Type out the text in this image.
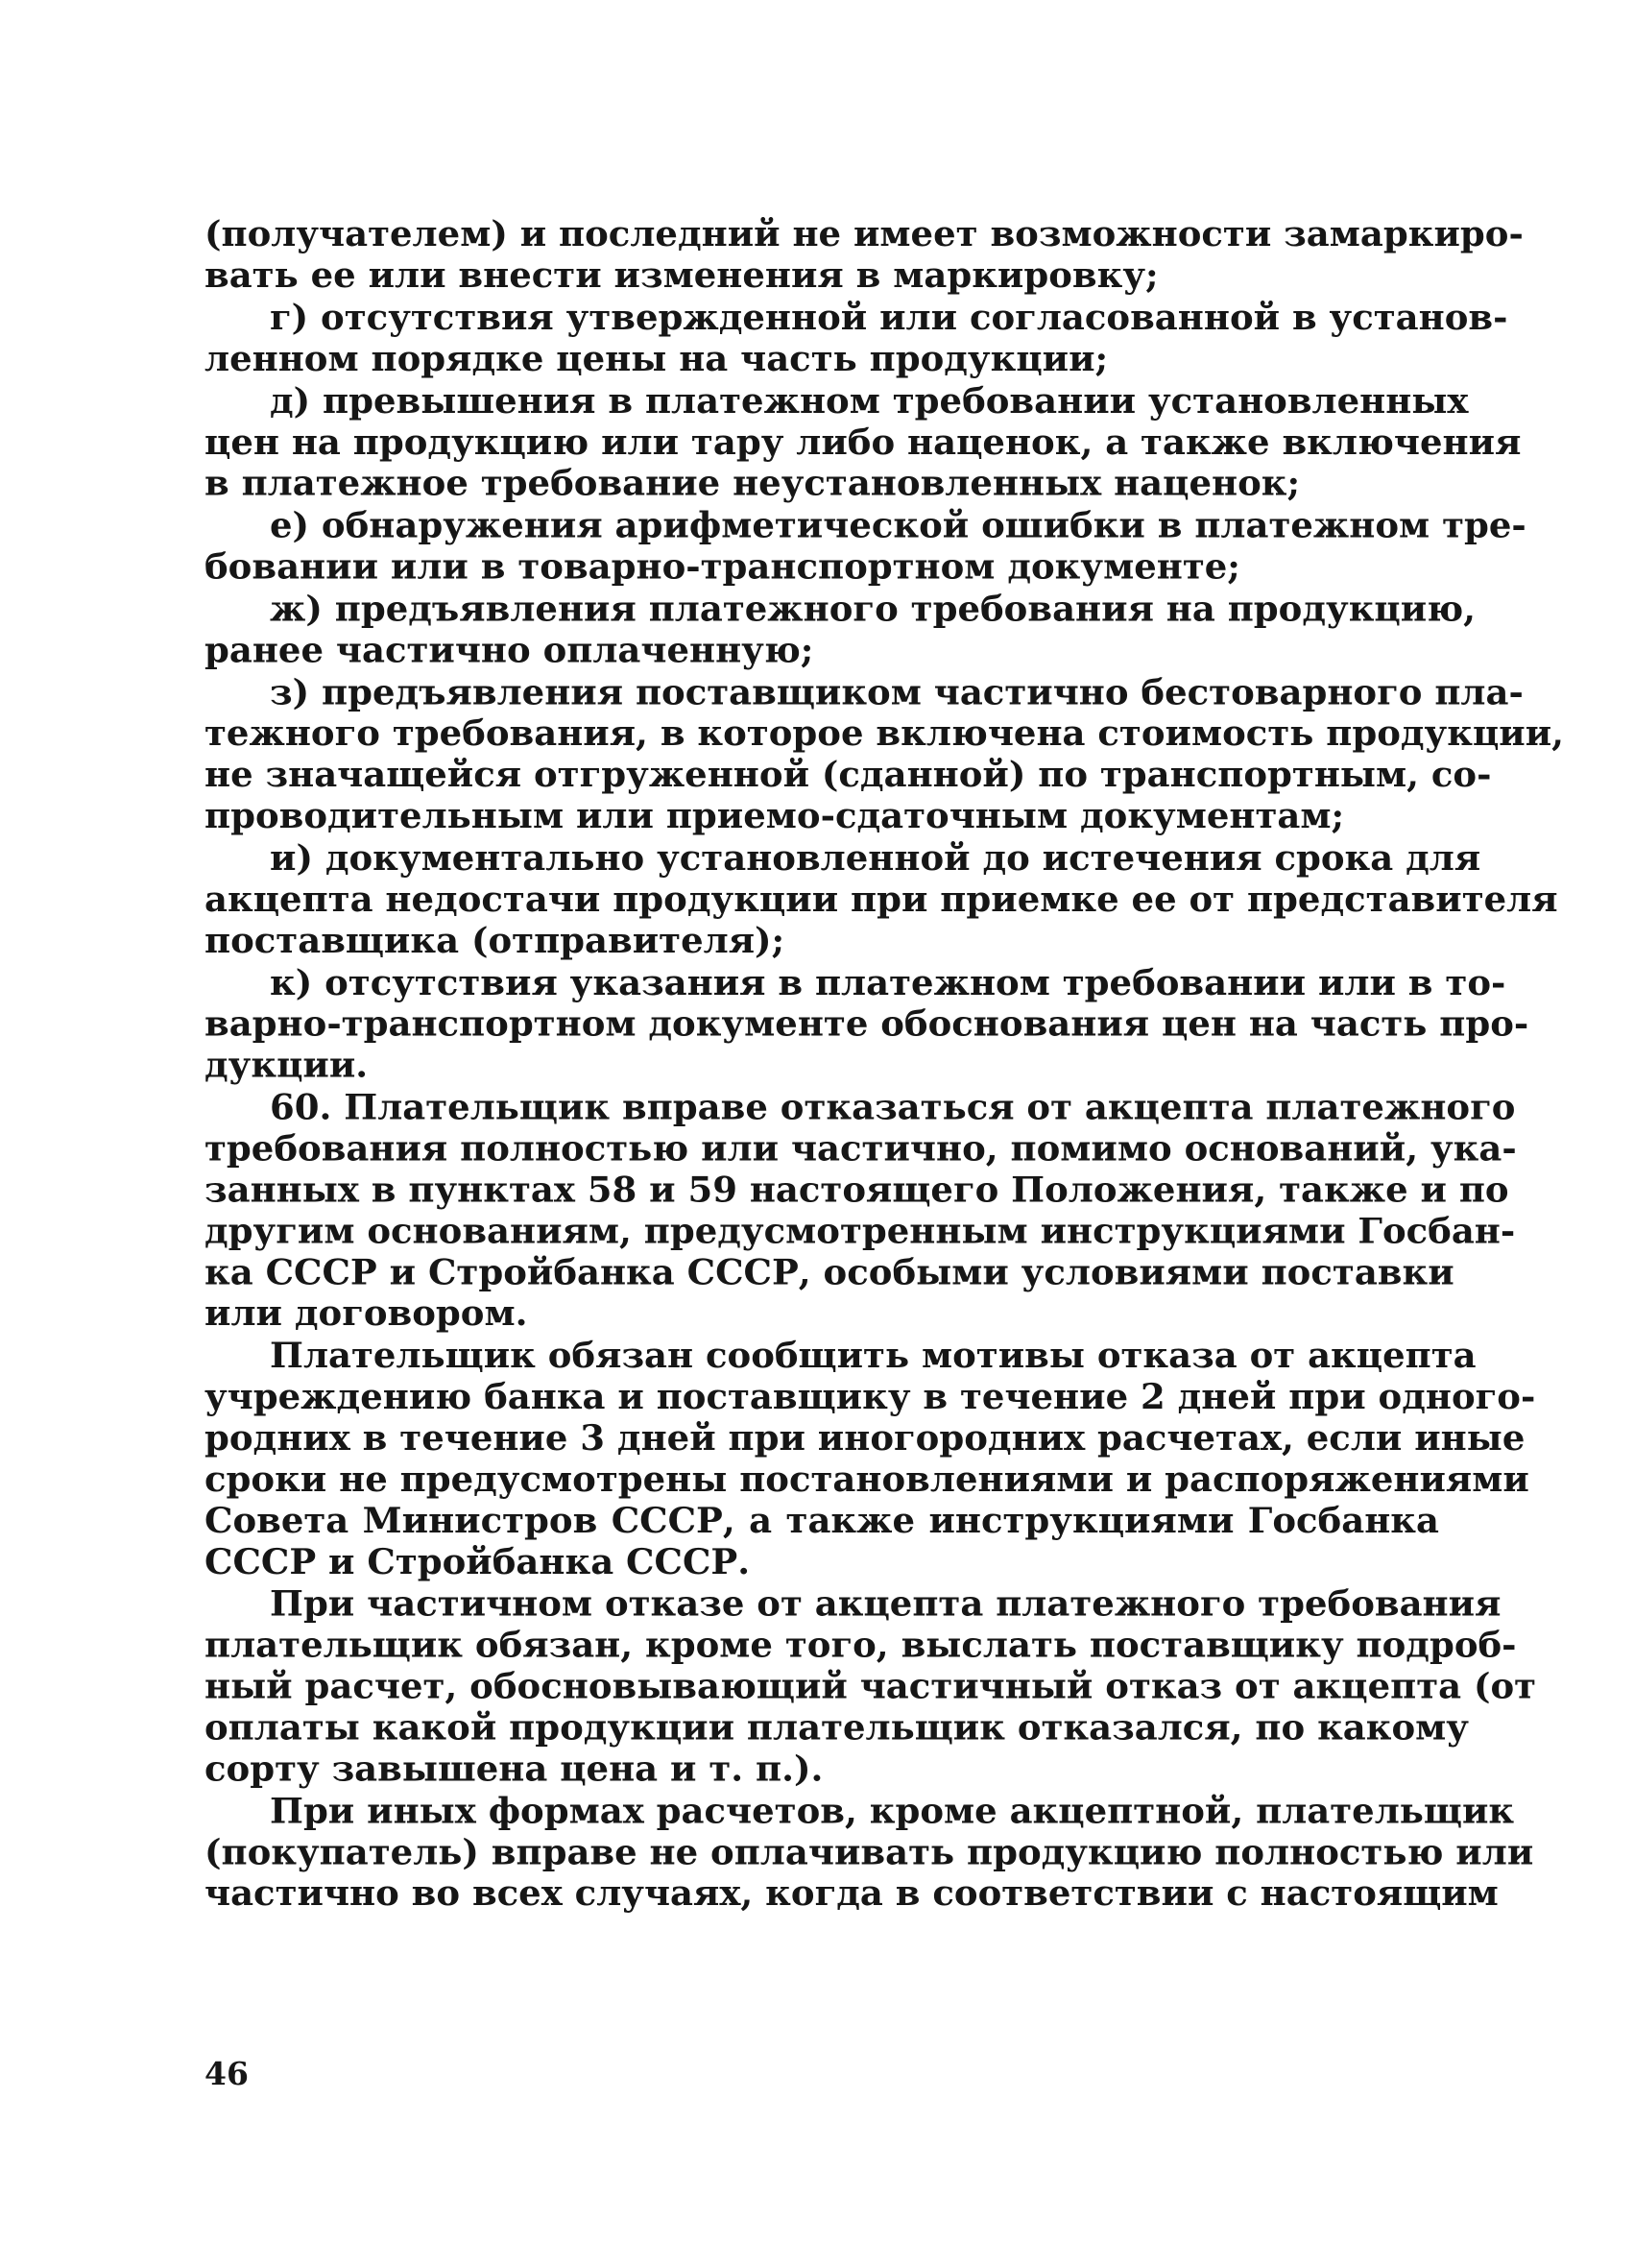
(получателем) и последний не имеет возможности замаркиро-
вать ее или внести изменения в маркировку;
г) отсутствия утвержденной или согласованной в установ-
ленном порядке цены на часть продукции;
д) превышения в платежном требовании установленных
цен на продукцию или тару либо наценок, а также включения
в платежное требование неустановленных наценок;
е) обнаружения арифметической ошибки в платежном тре-
бовании или в товарно-транспортном документе;
ж) предъявления платежного требования на продукцию,
ранее частично оплаченную;
з) предъявления поставщиком частично бестоварного пла-
тежного требования, в которое включена стоимость продукции,
не значащейся отгруженной (сданной) по транспортным, со-
проводительным или приемо-сдаточным документам;
и) документально установленной до истечения срока для
акцепта недостачи продукции при приемке ее от представителя
поставщика (отправителя);
к) отсутствия указания в платежном требовании или в то-
варно-транспортном документе обоснования цен на часть про-
дукции.
60. Плательщик вправе отказаться от акцепта платежного
требования полностью или частично, помимо оснований, ука-
занных в пунктах 58 и 59 настоящего Положения, также и по
другим основаниям, предусмотренным инструкциями Госбан-
ка СССР и Стройбанка СССР, особыми условиями поставки
или договором.
Плательщик обязан сообщить мотивы отказа от акцепта
учреждению банка и поставщику в течение 2 дней при одного-
родних в течение 3 дней при иногородних расчетах, если иные
сроки не предусмотрены постановлениями и распоряжениями
Совета Министров СССР, а также инструкциями Госбанка
СССР и Стройбанка СССР.
При частичном отказе от акцепта платежного требования
плательщик обязан, кроме того, выслать поставщику подроб-
ный расчет, обосновывающий частичный отказ от акцепта (от
оплаты какой продукции плательщик отказался, по какому
сорту завышена цена и т. п.).
При иных формах расчетов, кроме акцептной, плательщик
(покупатель) вправе не оплачивать продукцию полностью или
частично во всех случаях, когда в соответствии с настоящим
46
